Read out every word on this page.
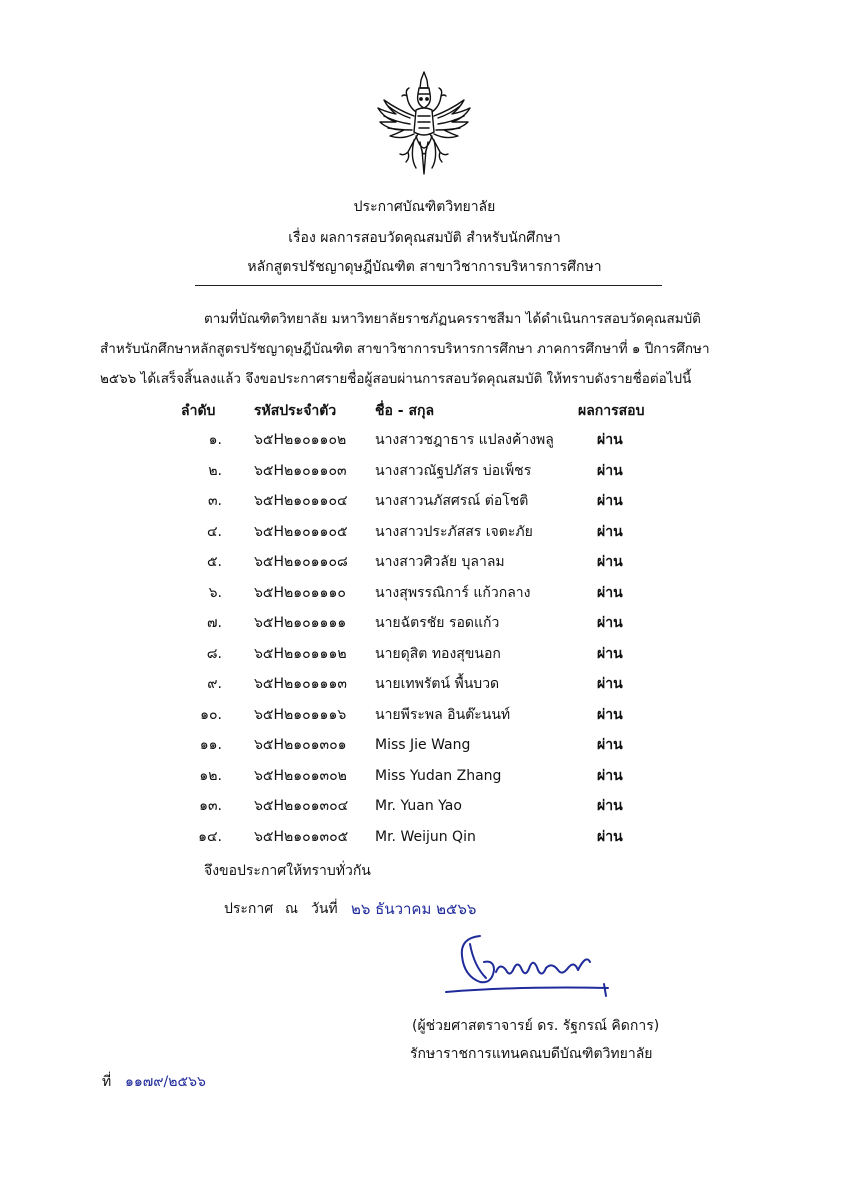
ประกาศบัณฑิตวิทยาลัย
เรื่อง ผลการสอบวัดคุณสมบัติ สำหรับนักศึกษา
หลักสูตรปรัชญาดุษฎีบัณฑิต สาขาวิชาการบริหารการศึกษา
ตามที่บัณฑิตวิทยาลัย มหาวิทยาลัยราชภัฏนครราชสีมา ได้ดำเนินการสอบวัดคุณสมบัติ
สำหรับนักศึกษาหลักสูตรปรัชญาดุษฎีบัณฑิต สาขาวิชาการบริหารการศึกษา ภาคการศึกษาที่ ๑ ปีการศึกษา
๒๕๖๖ ได้เสร็จสิ้นลงแล้ว จึงขอประกาศรายชื่อผู้สอบผ่านการสอบวัดคุณสมบัติ ให้ทราบดังรายชื่อต่อไปนี้
ลำดับ	รหัสประจำตัว	ชื่อ - สกุล	ผลการสอบ
๑. ๖๕H๒๑๐๑๑๐๒ นางสาวชฎาธาร แปลงค้างพลู	ผ่าน
๒. ๖๕H๒๑๐๑๑๐๓ นางสาวณัฐปภัสร บ่อเพ็ชร	ผ่าน
๓. ๖๕H๒๑๐๑๑๐๔ นางสาวนภัสศรณ์ ต่อโชติ	ผ่าน
๔. ๖๕H๒๑๐๑๑๐๕ นางสาวประภัสสร เจตะภัย	ผ่าน
๕. ๖๕H๒๑๐๑๑๐๘ นางสาวศิวลัย บุลาลม	ผ่าน
๖. ๖๕H๒๑๐๑๑๑๐ นางสุพรรณิการ์ แก้วกลาง	ผ่าน
๗. ๖๕H๒๑๐๑๑๑๑ นายฉัตรชัย รอดแก้ว	ผ่าน
๘. ๖๕H๒๑๐๑๑๑๒ นายดุสิต ทองสุขนอก	ผ่าน
๙. ๖๕H๒๑๐๑๑๑๓ นายเทพรัตน์ พื้นบวด	ผ่าน
๑๐. ๖๕H๒๑๐๑๑๑๖ นายพีระพล อินต๊ะนนท์	ผ่าน
๑๑. ๖๕H๒๑๐๑๓๐๑ Miss Jie Wang	ผ่าน
๑๒. ๖๕H๒๑๐๑๓๐๒ Miss Yudan Zhang	ผ่าน
๑๓. ๖๕H๒๑๐๑๓๐๔ Mr. Yuan Yao	ผ่าน
๑๔. ๖๕H๒๑๐๑๓๐๕ Mr. Weijun Qin	ผ่าน
จึงขอประกาศให้ทราบทั่วกัน
ประกาศ ณ วันที่ ๒๖ ธันวาคม ๒๕๖๖
(ผู้ช่วยศาสตราจารย์ ดร. รัฐกรณ์ คิดการ)
รักษาราชการแทนคณบดีบัณฑิตวิทยาลัย
ที่ ๑๑๗๙/๒๕๖๖
